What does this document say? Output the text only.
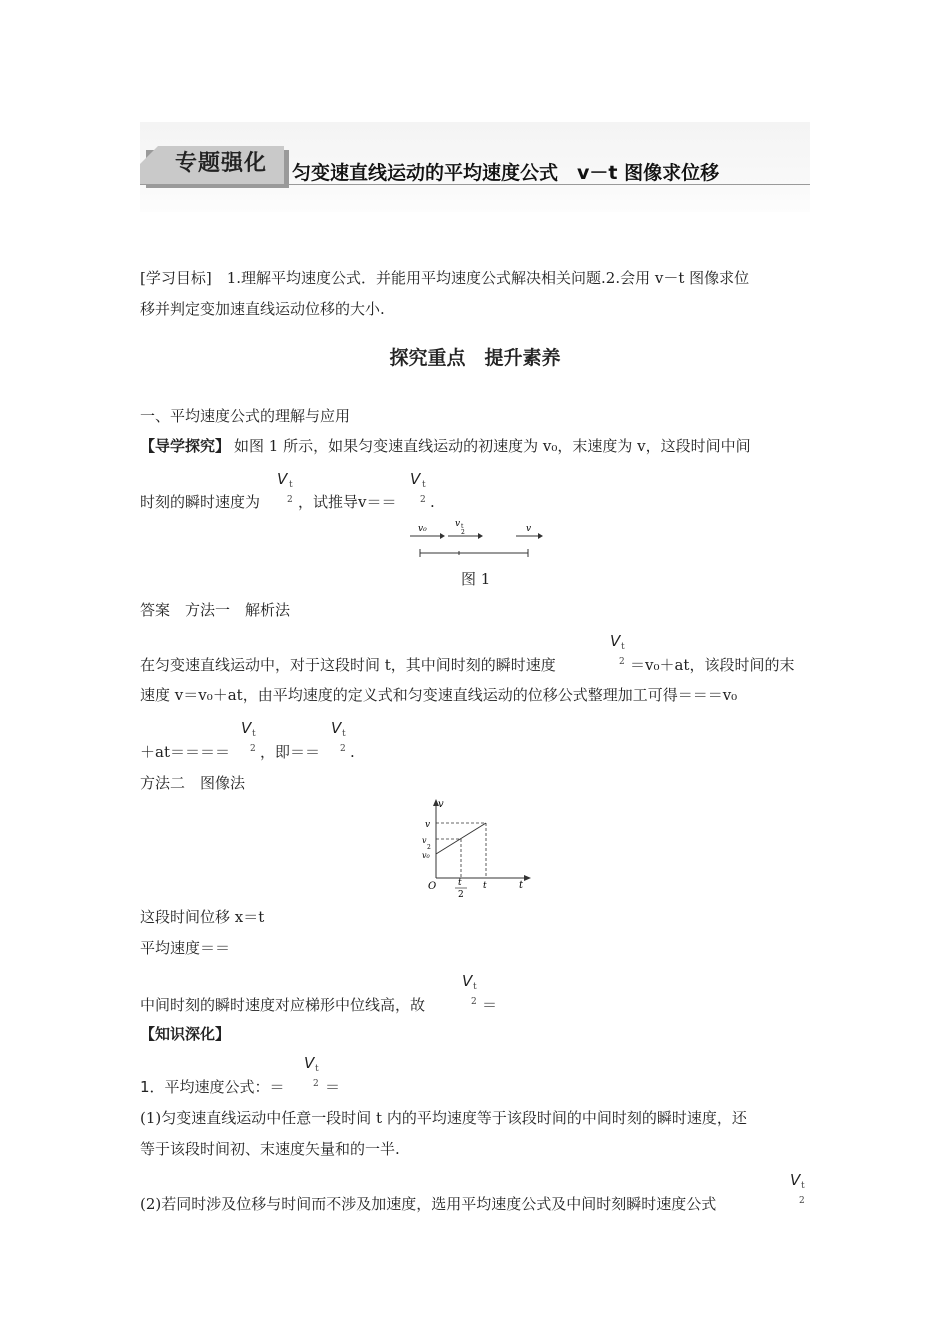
专题强化 匀变速直线运动的平均速度公式　v－t 图像求位移
[学习目标]　1.理解平均速度公式．并能用平均速度公式解决相关问题.2.会用 v－t 图像求位
移并判定变加速直线运动位移的大小.
探究重点　提升素养
一、平均速度公式的理解与应用
【导学探究】 如图 1 所示，如果匀变速直线运动的初速度为 v₀，末速度为 v，这段时间中间
V t
2
时刻的瞬时速度为	，试推导v＝＝
V t
2 .
v₀	v t
2	v
图 1
答案　方法一　解析法
在匀变速直线运动中，对于这段时间 t，其中间时刻的瞬时速度
V t
2 ＝v₀＋at，该段时间的末
速度 v＝v₀＋at，由平均速度的定义式和匀变速直线运动的位移公式整理加工可得＝＝＝v₀
＋at＝＝＝＝
V t
2 ，即＝＝
V t
2 .
方法二　图像法
v
t
O
v
v
2
v₀
t
2
t
这段时间位移 x＝t
平均速度＝＝
中间时刻的瞬时速度对应梯形中位线高，故
V t
2 ＝
【知识深化】
1．平均速度公式：＝
V t
2 ＝
(1)匀变速直线运动中任意一段时间 t 内的平均速度等于该段时间的中间时刻的瞬时速度，还
等于该段时间初、末速度矢量和的一半.
(2)若同时涉及位移与时间而不涉及加速度，选用平均速度公式及中间时刻瞬时速度公式
V t
2
